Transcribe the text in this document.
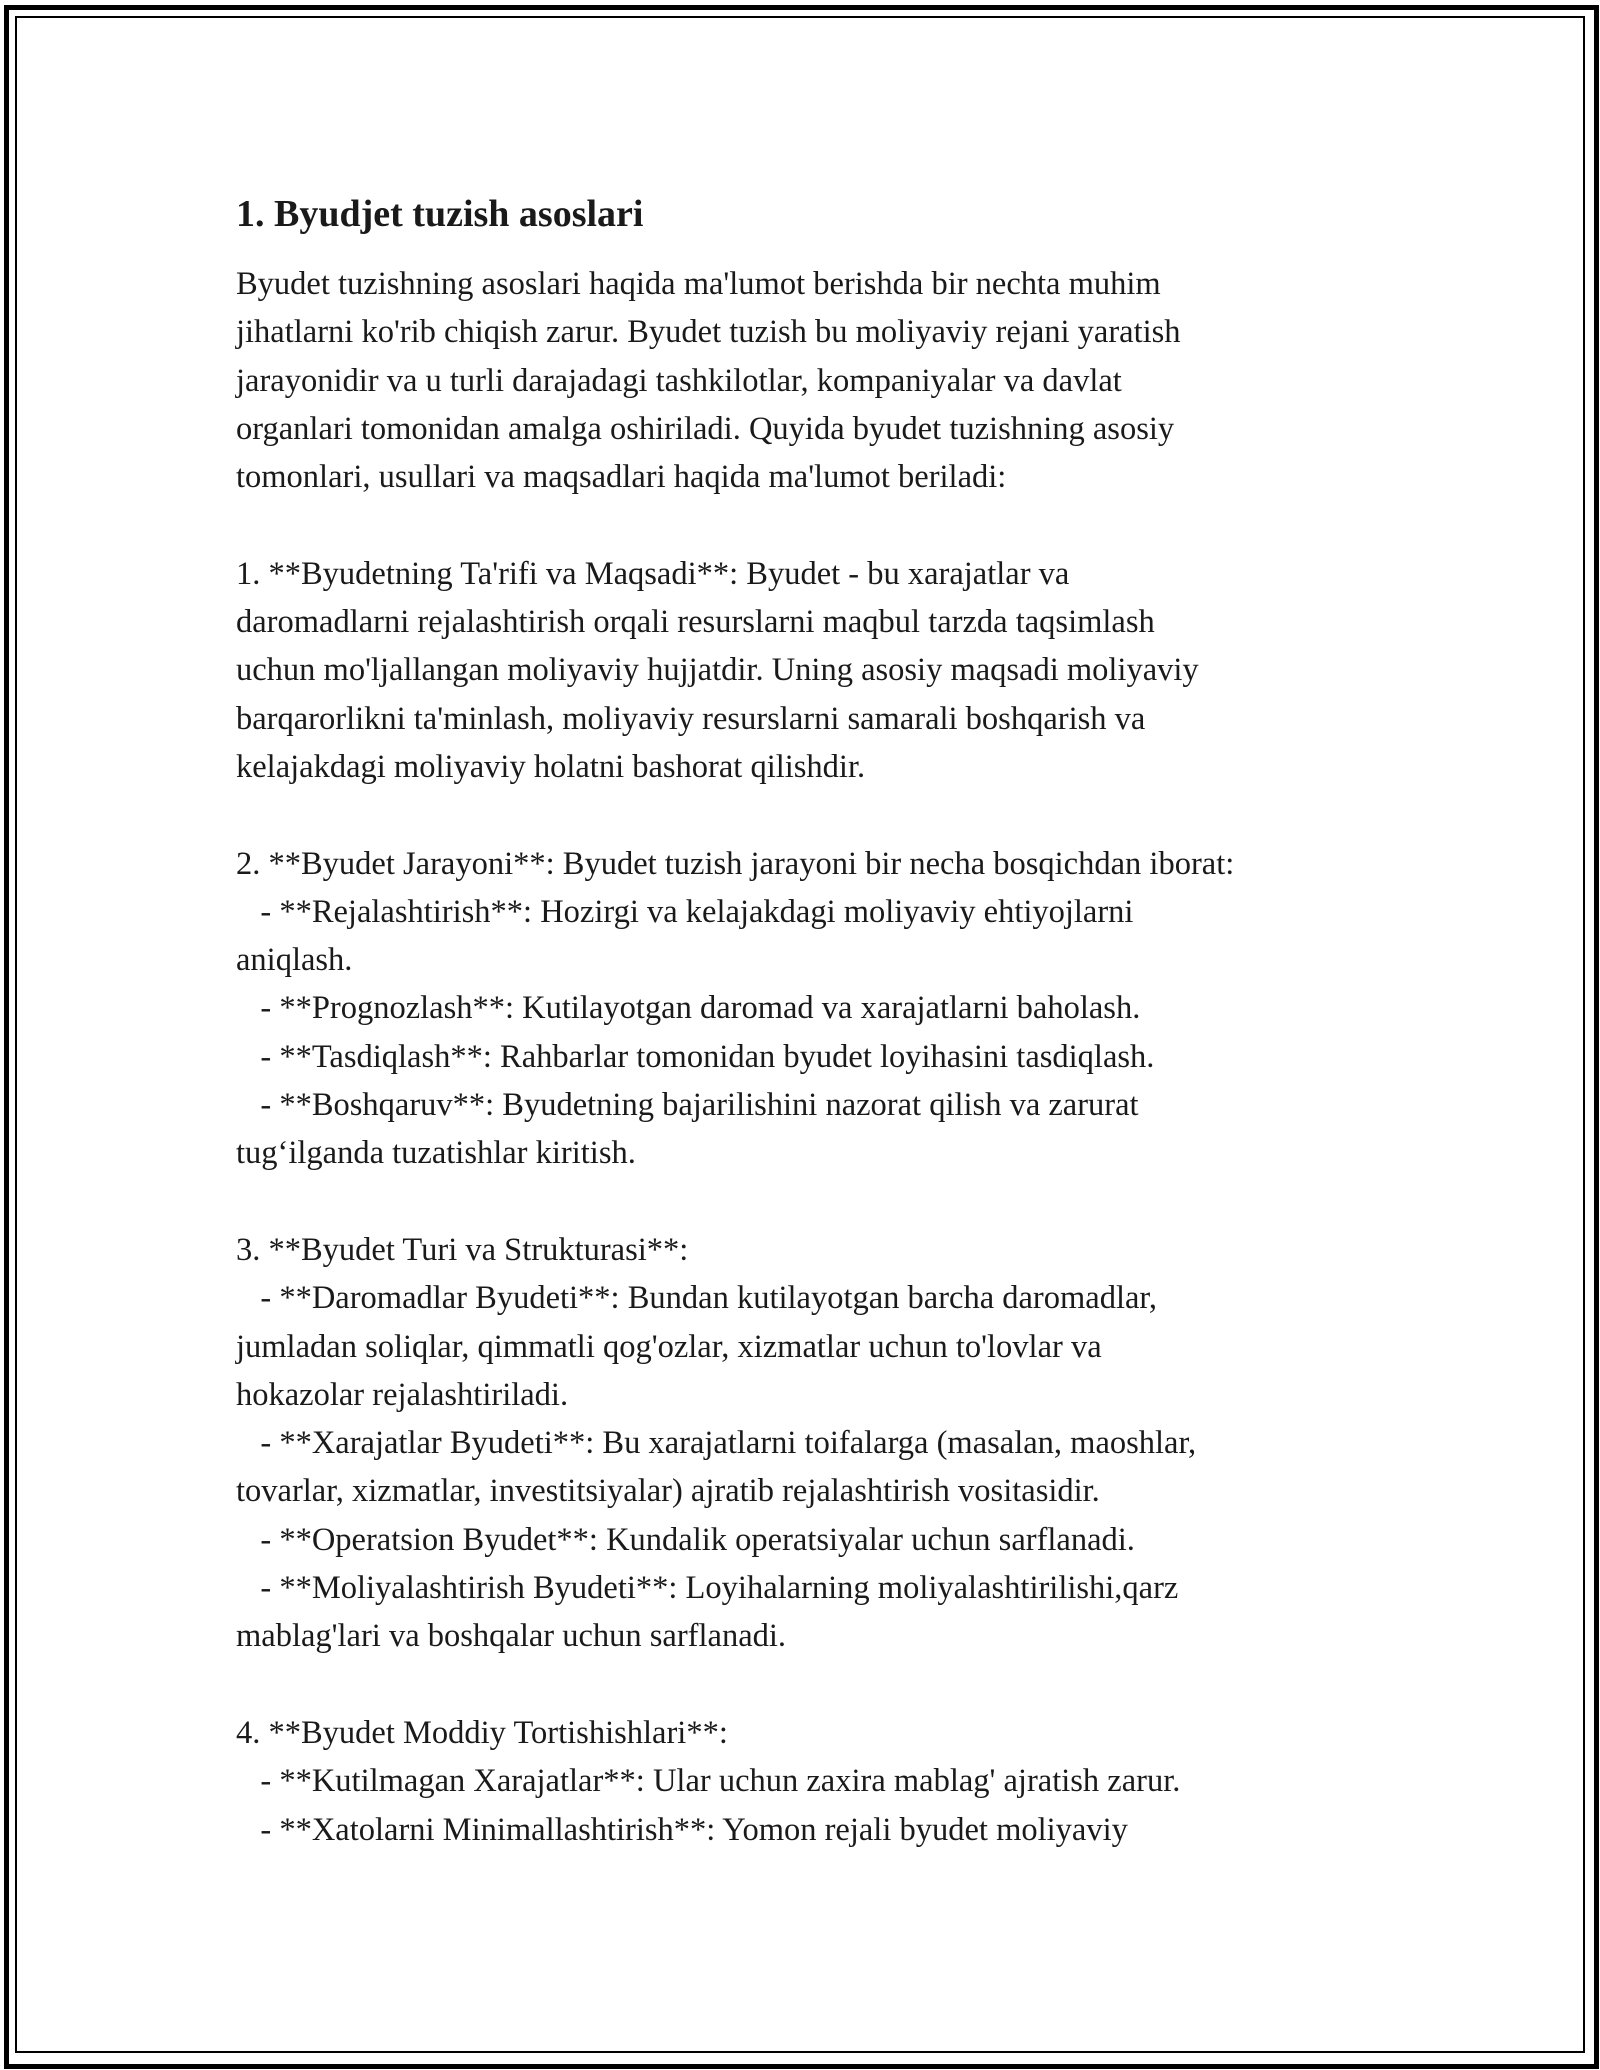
1. Byudjet tuzish asoslari
Byudet tuzishning asoslari haqida ma'lumot berishda bir nechta muhim
jihatlarni ko'rib chiqish zarur. Byudet tuzish bu moliyaviy rejani yaratish
jarayonidir va u turli darajadagi tashkilotlar, kompaniyalar va davlat
organlari tomonidan amalga oshiriladi. Quyida byudet tuzishning asosiy
tomonlari, usullari va maqsadlari haqida ma'lumot beriladi:

1. **Byudetning Ta'rifi va Maqsadi**: Byudet - bu xarajatlar va
daromadlarni rejalashtirish orqali resurslarni maqbul tarzda taqsimlash
uchun mo'ljallangan moliyaviy hujjatdir. Uning asosiy maqsadi moliyaviy
barqarorlikni ta'minlash, moliyaviy resurslarni samarali boshqarish va
kelajakdagi moliyaviy holatni bashorat qilishdir.

2. **Byudet Jarayoni**: Byudet tuzish jarayoni bir necha bosqichdan iborat:
- **Rejalashtirish**: Hozirgi va kelajakdagi moliyaviy ehtiyojlarni
aniqlash.
- **Prognozlash**: Kutilayotgan daromad va xarajatlarni baholash.
- **Tasdiqlash**: Rahbarlar tomonidan byudet loyihasini tasdiqlash.
- **Boshqaruv**: Byudetning bajarilishini nazorat qilish va zarurat
tug‘ilganda tuzatishlar kiritish.

3. **Byudet Turi va Strukturasi**:
- **Daromadlar Byudeti**: Bundan kutilayotgan barcha daromadlar,
jumladan soliqlar, qimmatli qog'ozlar, xizmatlar uchun to'lovlar va
hokazolar rejalashtiriladi.
- **Xarajatlar Byudeti**: Bu xarajatlarni toifalarga (masalan, maoshlar,
tovarlar, xizmatlar, investitsiyalar) ajratib rejalashtirish vositasidir.
- **Operatsion Byudet**: Kundalik operatsiyalar uchun sarflanadi.
- **Moliyalashtirish Byudeti**: Loyihalarning moliyalashtirilishi,qarz
mablag'lari va boshqalar uchun sarflanadi.

4. **Byudet Moddiy Tortishishlari**:
- **Kutilmagan Xarajatlar**: Ular uchun zaxira mablag' ajratish zarur.
- **Xatolarni Minimallashtirish**: Yomon rejali byudet moliyaviy
